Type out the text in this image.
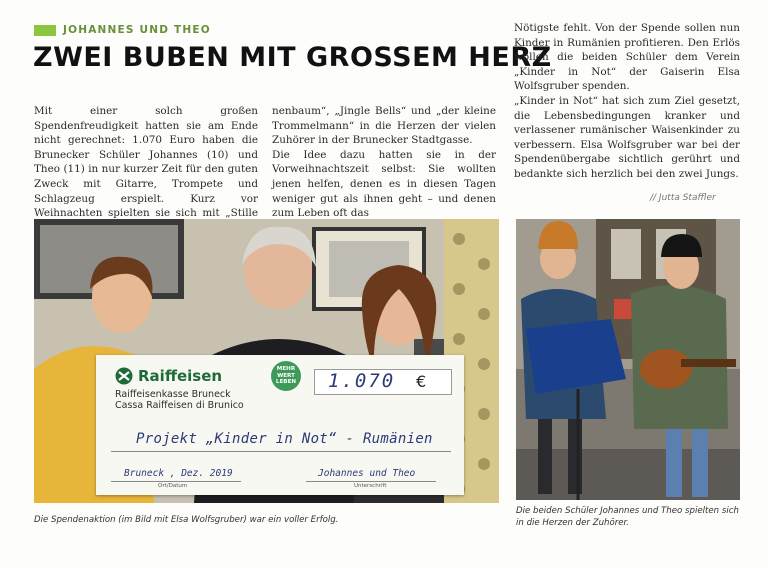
JOHANNES UND THEO
ZWEI BUBEN MIT GROSSEM HERZ

Mit einer solch großen Spendenfreudigkeit hatten sie am Ende nicht gerechnet: 1.070 Euro haben die Brunecker Schüler Johannes (10) und Theo (11) in nur kurzer Zeit für den guten Zweck mit Gitarre, Trompete und Schlagzeug erspielt. Kurz vor Weihnachten spielten sie sich mit „Stille

nenbaum“, „Jingle Bells“ und „der kleine Trommelmann“ in die Herzen der vielen Zuhörer in der Brunecker Stadtgasse.

Die Idee dazu hatten sie in der Vorweihnachtszeit selbst: Sie wollten jenen helfen, denen es in diesen Tagen weniger gut als ihnen geht – und denen zum Leben oft das

Nötigste fehlt. Von der Spende sollen nun Kinder in Rumänien profitieren. Den Erlös wollen die beiden Schüler dem Verein „Kinder in Not“ der Gaiserin Elsa Wolfsgruber spenden.

„Kinder in Not“ hat sich zum Ziel gesetzt, die Lebensbedingungen kranker und verlassener rumänischer Waisenkinder zu verbessern. Elsa Wolfsgruber war bei der Spendenübergabe sichtlich gerührt und bedankte sich herzlich bei den zwei Jungs.

// Jutta Staffler
Raiffeisen
Raiffeisenkasse Bruneck
Cassa Raiffeisen di Brunico
MEHR WERT LEBEN 1.070 €
Projekt „Kinder in Not“ - Rumänien
Bruneck , Dez. 2019	Johannes und Theo
Ort/Datum	Unterschrift
Die Spendenaktion (im Bild mit Elsa Wolfsgruber) war ein voller Erfolg.
Die beiden Schüler Johannes und Theo spielten sich in die Herzen der Zuhörer.
